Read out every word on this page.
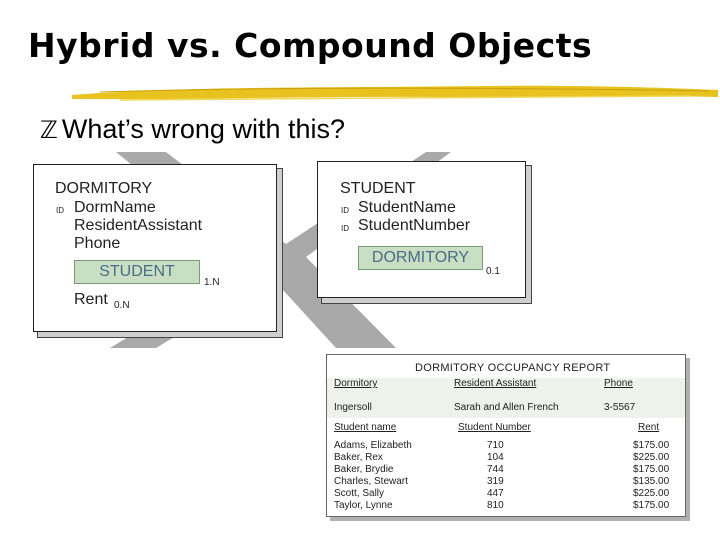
Hybrid vs. Compound Objects
ℤ What’s wrong with this?
DORMITORY
ID DormName
ResidentAssistant
Phone
STUDENT
1.N
Rent 0.N
STUDENT
ID StudentName
ID StudentNumber
DORMITORY
0.1
DORMITORY OCCUPANCY REPORT
Dormitory	Resident Assistant	Phone
Ingersoll	Sarah and Allen French	3-5567
Student name	Student Number	Rent
Adams, Elizabeth	710	$175.00
Baker, Rex	104	$225.00
Baker, Brydie	744	$175.00
Charles, Stewart	319	$135.00
Scott, Sally	447	$225.00
Taylor, Lynne	810	$175.00
